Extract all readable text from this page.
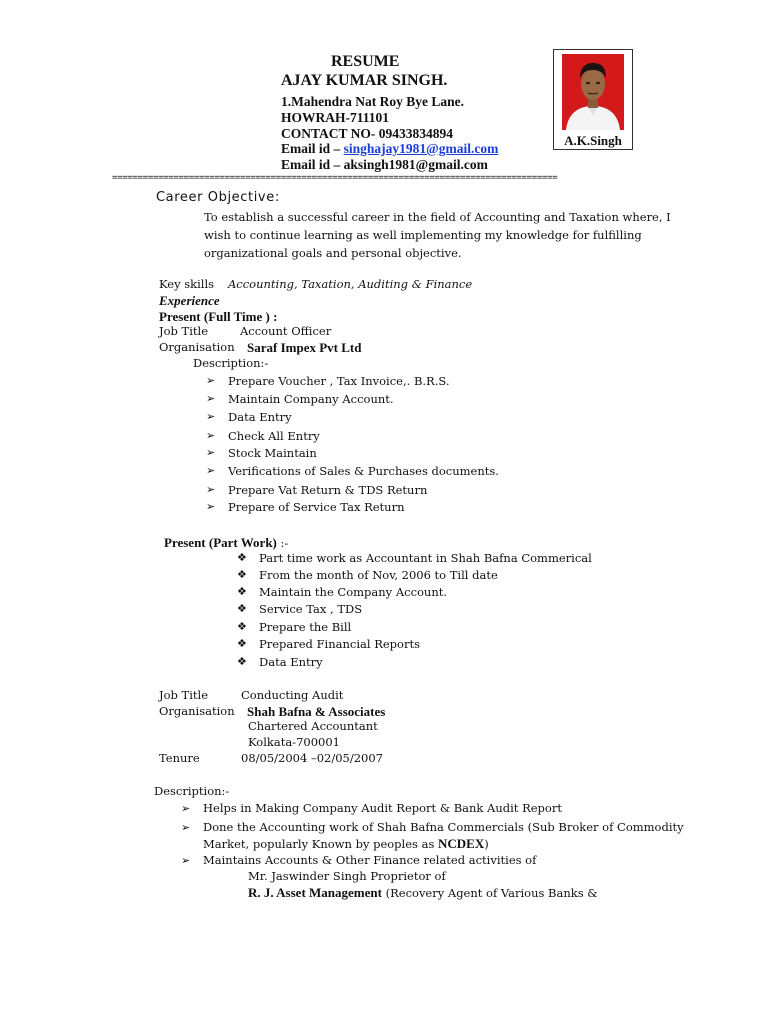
RESUME
AJAY KUMAR SINGH.
1.Mahendra Nat Roy Bye Lane.
HOWRAH-711101
CONTACT NO- 09433834894
Email id – singhajay1981@gmail.com
Email id – aksingh1981@gmail.com
A.K.Singh
=======================================================================================
Career Objective:
To establish a successful career in the field of Accounting and Taxation where, I
wish to continue learning as well implementing my knowledge for fulfilling
organizational goals and personal objective.
Key skills Accounting, Taxation, Auditing & Finance
Experience
Present (Full Time ) :
Job Title	Account Officer
Organisation Saraf Impex Pvt Ltd
Description:-
➢ Prepare Voucher , Tax Invoice,. B.R.S.
➢ Maintain Company Account.
➢ Data Entry
➢ Check All Entry
➢ Stock Maintain
➢ Verifications of Sales & Purchases documents.
➢ Prepare Vat Return & TDS Return
➢ Prepare of Service Tax Return
Present (Part Work) :-
❖ Part time work as Accountant in Shah Bafna Commerical
❖ From the month of Nov, 2006 to Till date
❖ Maintain the Company Account.
❖ Service Tax , TDS
❖ Prepare the Bill
❖ Prepared Financial Reports
❖ Data Entry
Job Title	Conducting Audit
Organisation Shah Bafna & Associates
Chartered Accountant
Kolkata-700001
Tenure	08/05/2004 –02/05/2007
Description:-
➢ Helps in Making Company Audit Report & Bank Audit Report
➢ Done the Accounting work of Shah Bafna Commercials (Sub Broker of Commodity
Market, popularly Known by peoples as NCDEX)
➢ Maintains Accounts & Other Finance related activities of
Mr. Jaswinder Singh Proprietor of
R. J. Asset Management (Recovery Agent of Various Banks &
